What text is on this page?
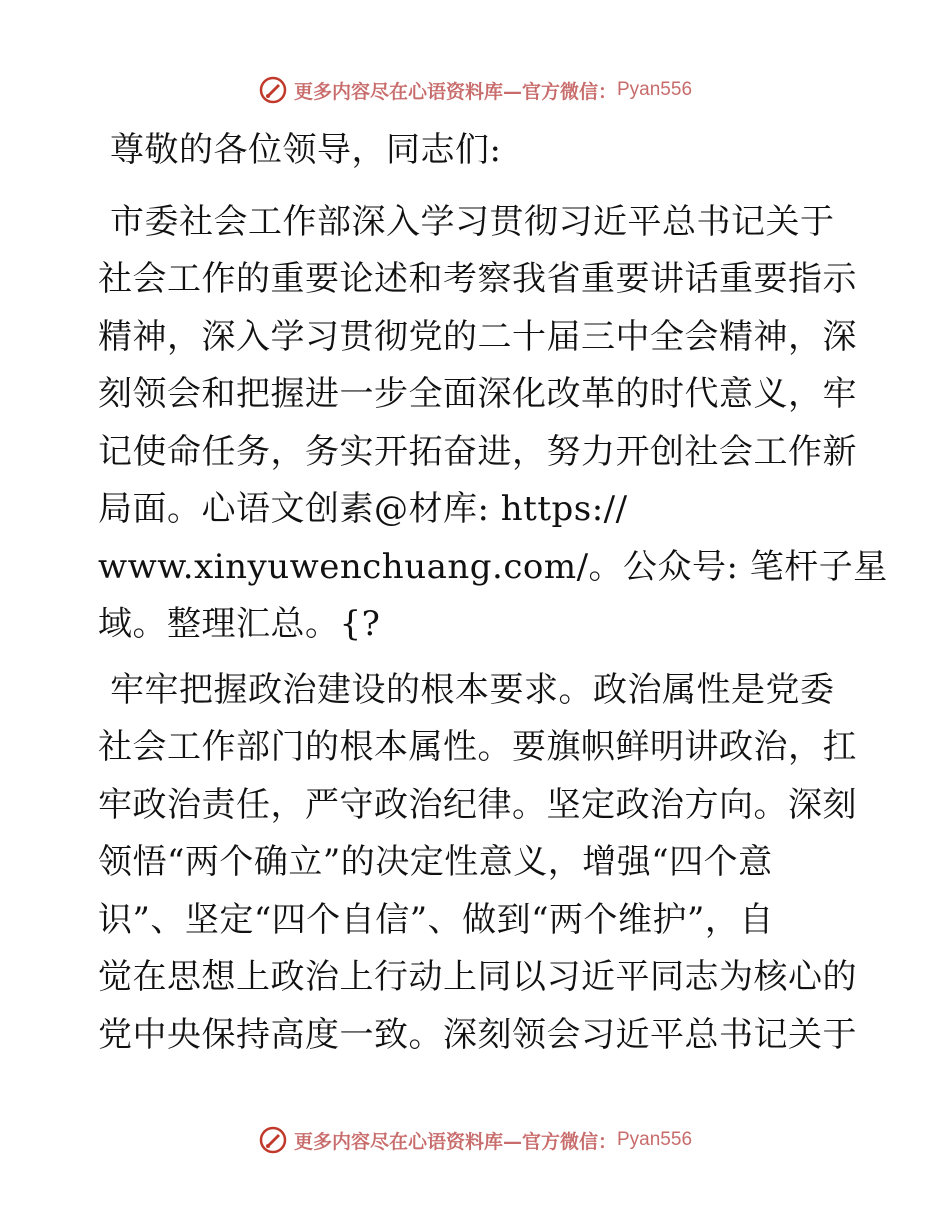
更多内容尽在心语资料库—官方微信： Pyan556

尊敬的各位领导，同志们:

市委社会工作部深入学习贯彻习近平总书记关于
社会工作的重要论述和考察我省重要讲话重要指示
精神，深入学习贯彻党的二十届三中全会精神，深
刻领会和把握进一步全面深化改革的时代意义，牢
记使命任务，务实开拓奋进，努力开创社会工作新
局面。心语文创素@材库: https://
www.xinyuwenchuang.com/。公众号: 笔杆子星
域。整理汇总。{?

牢牢把握政治建设的根本要求。政治属性是党委
社会工作部门的根本属性。要旗帜鲜明讲政治，扛
牢政治责任，严守政治纪律。坚定政治方向。深刻
领悟“两个确立”的决定性意义，增强“四个意
识”、坚定“四个自信”、做到“两个维护”，自
觉在思想上政治上行动上同以习近平同志为核心的
党中央保持高度一致。深刻领会习近平总书记关于

更多内容尽在心语资料库—官方微信： Pyan556
